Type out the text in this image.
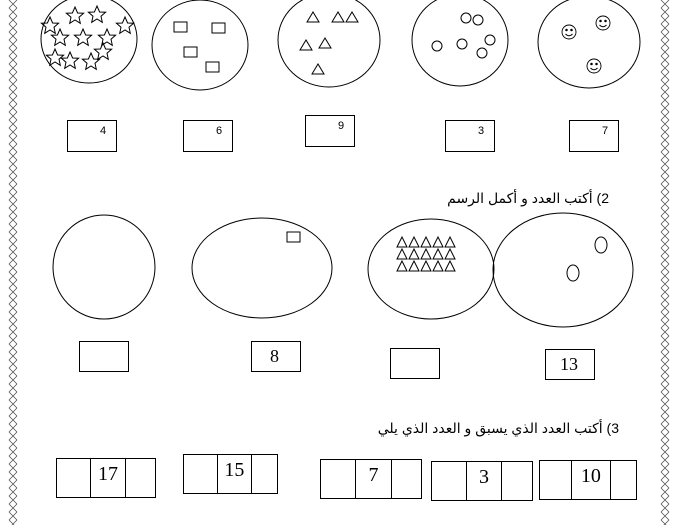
4	6	9	3	7
2) أكتب العدد و أكمل الرسم
8	13
3) أكتب العدد الذي يسبق و العدد الذي يلي
17	15	7	3	10
